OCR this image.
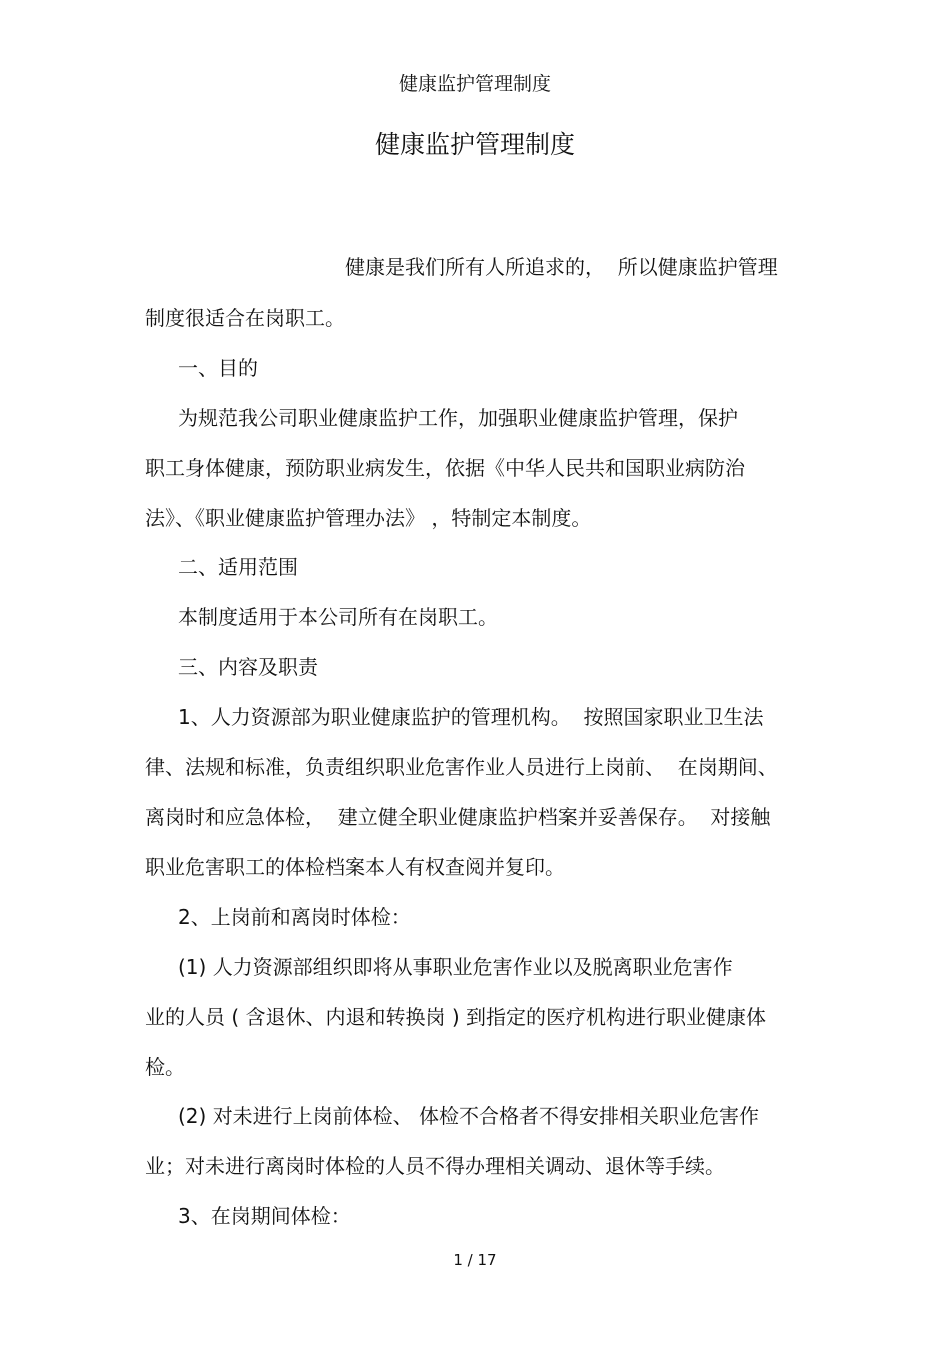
健康监护管理制度

健康监护管理制度

健康是我们所有人所追求的，  所以健康监护管理

制度很适合在岗职工。

一、目的

为规范我公司职业健康监护工作，加强职业健康监护管理，保护

职工身体健康，预防职业病发生，依据《中华人民共和国职业病防治

法》、《职业健康监护管理办法》 ，特制定本制度。

二、适用范围

本制度适用于本公司所有在岗职工。

三、内容及职责

1、人力资源部为职业健康监护的管理机构。  按照国家职业卫生法

律、法规和标准，负责组织职业危害作业人员进行上岗前、  在岗期间、

离岗时和应急体检，  建立健全职业健康监护档案并妥善保存。  对接触

职业危害职工的体检档案本人有权查阅并复印。

2、上岗前和离岗时体检：

(1) 人力资源部组织即将从事职业危害作业以及脱离职业危害作

业的人员 ( 含退休、内退和转换岗 ) 到指定的医疗机构进行职业健康体

检。

(2) 对未进行上岗前体检、 体检不合格者不得安排相关职业危害作

业；对未进行离岗时体检的人员不得办理相关调动、退休等手续。

3、在岗期间体检：

1 / 17
